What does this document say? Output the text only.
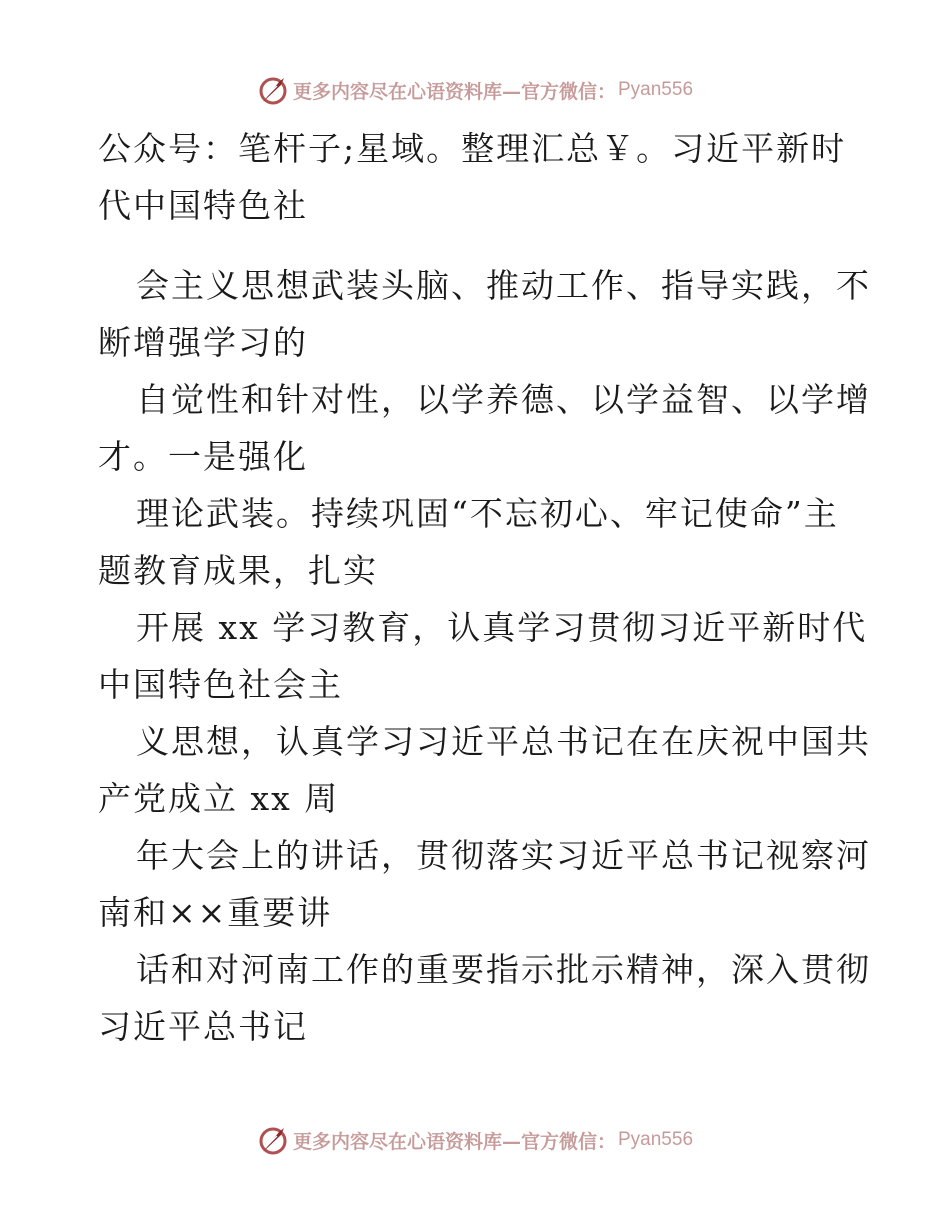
更多内容尽在心语资料库—官方微信： Pyan556
公众号：笔杆子;星域。整理汇总￥。习近平新时
代中国特色社
会主义思想武装头脑、推动工作、指导实践，不
断增强学习的
自觉性和针对性，以学养德、以学益智、以学增
才。一是强化
理论武装。持续巩固“不忘初心、牢记使命”主
题教育成果，扎实
开展 xx 学习教育，认真学习贯彻习近平新时代
中国特色社会主
义思想，认真学习习近平总书记在在庆祝中国共
产党成立 xx 周
年大会上的讲话，贯彻落实习近平总书记视察河
南和××重要讲
话和对河南工作的重要指示批示精神，深入贯彻
习近平总书记
更多内容尽在心语资料库—官方微信： Pyan556
